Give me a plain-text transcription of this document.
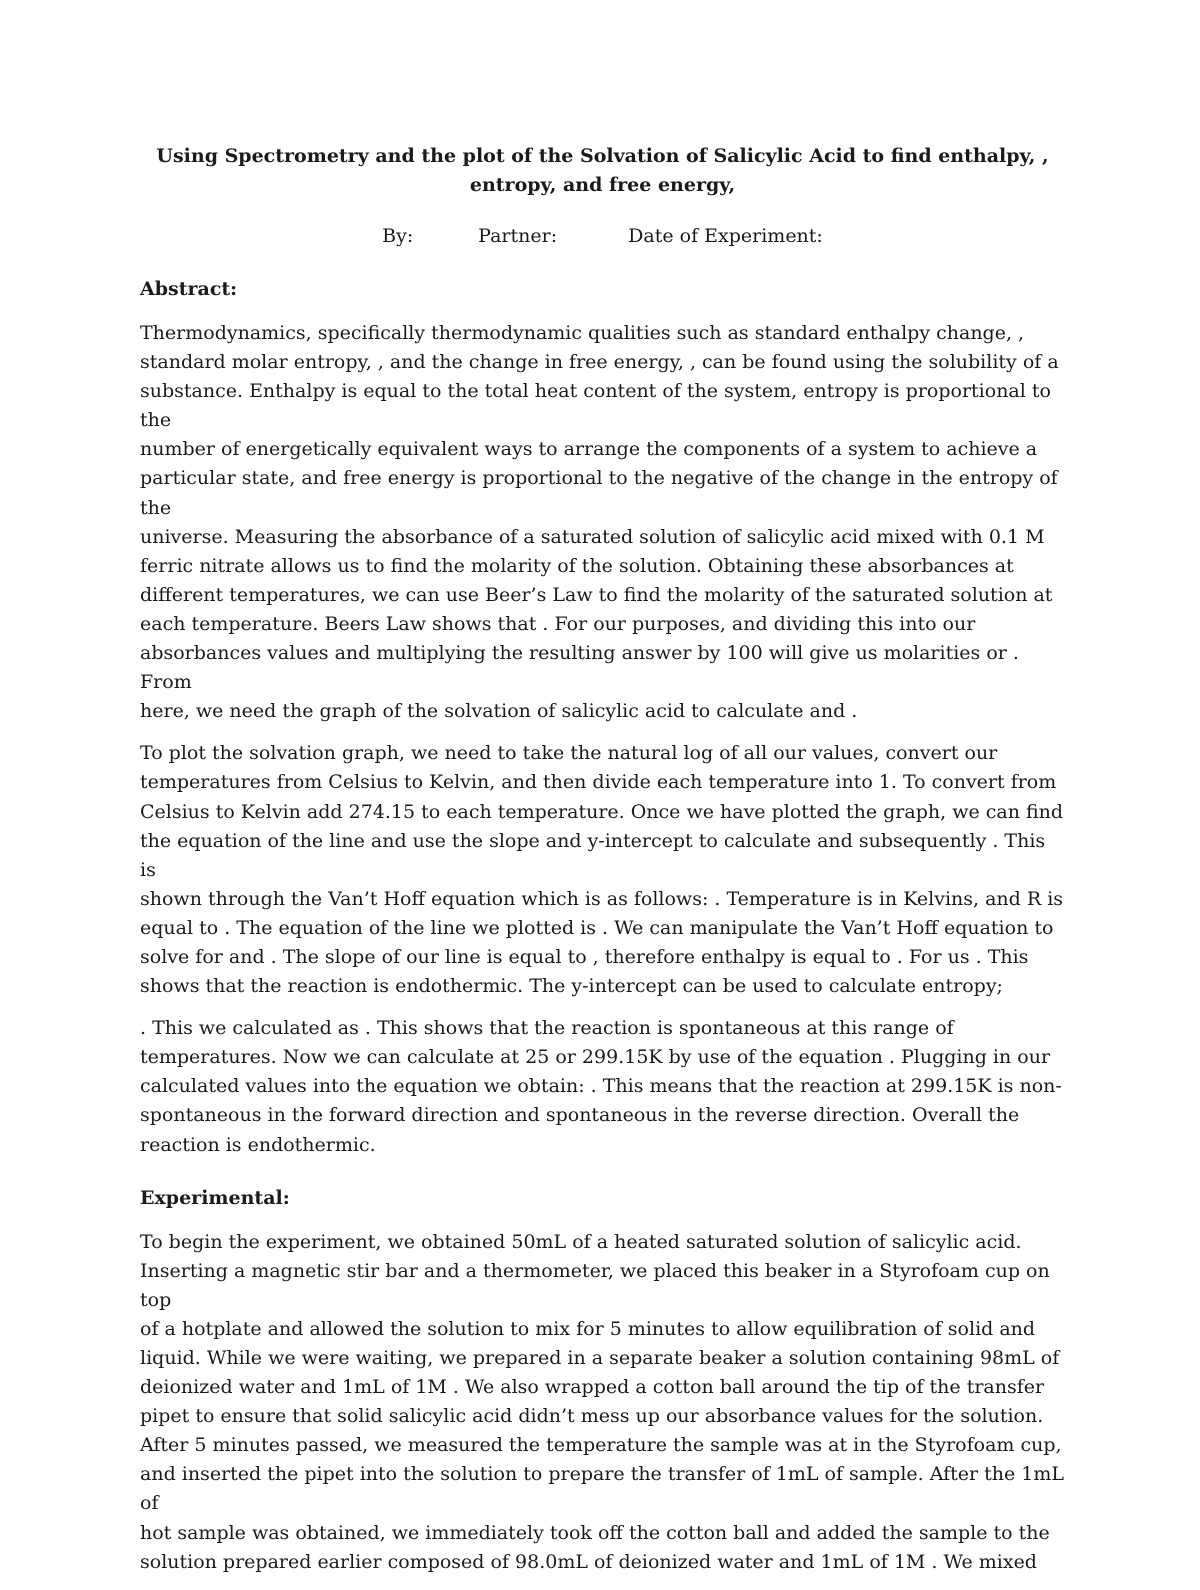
Using Spectrometry and the plot of the Solvation of Salicylic Acid to find enthalpy, ,
entropy, and free energy,

By:	Partner:	Date of Experiment:
Abstract:

Thermodynamics, specifically thermodynamic qualities such as standard enthalpy change, ,
standard molar entropy, , and the change in free energy, , can be found using the solubility of a
substance. Enthalpy is equal to the total heat content of the system, entropy is proportional to the
number of energetically equivalent ways to arrange the components of a system to achieve a
particular state, and free energy is proportional to the negative of the change in the entropy of the
universe. Measuring the absorbance of a saturated solution of salicylic acid mixed with 0.1 M
ferric nitrate allows us to find the molarity of the solution. Obtaining these absorbances at
different temperatures, we can use Beer’s Law to find the molarity of the saturated solution at
each temperature. Beers Law shows that . For our purposes, and dividing this into our
absorbances values and multiplying the resulting answer by 100 will give us molarities or . From
here, we need the graph of the solvation of salicylic acid to calculate and .

To plot the solvation graph, we need to take the natural log of all our values, convert our
temperatures from Celsius to Kelvin, and then divide each temperature into 1. To convert from
Celsius to Kelvin add 274.15 to each temperature. Once we have plotted the graph, we can find
the equation of the line and use the slope and y-intercept to calculate and subsequently . This is
shown through the Van’t Hoff equation which is as follows: . Temperature is in Kelvins, and R is
equal to . The equation of the line we plotted is . We can manipulate the Van’t Hoff equation to
solve for and . The slope of our line is equal to , therefore enthalpy is equal to . For us . This
shows that the reaction is endothermic. The y-intercept can be used to calculate entropy;

. This we calculated as . This shows that the reaction is spontaneous at this range of
temperatures. Now we can calculate at 25 or 299.15K by use of the equation . Plugging in our
calculated values into the equation we obtain: . This means that the reaction at 299.15K is non-
spontaneous in the forward direction and spontaneous in the reverse direction. Overall the
reaction is endothermic.

Experimental:

To begin the experiment, we obtained 50mL of a heated saturated solution of salicylic acid.
Inserting a magnetic stir bar and a thermometer, we placed this beaker in a Styrofoam cup on top
of a hotplate and allowed the solution to mix for 5 minutes to allow equilibration of solid and
liquid. While we were waiting, we prepared in a separate beaker a solution containing 98mL of
deionized water and 1mL of 1M . We also wrapped a cotton ball around the tip of the transfer
pipet to ensure that solid salicylic acid didn’t mess up our absorbance values for the solution.
After 5 minutes passed, we measured the temperature the sample was at in the Styrofoam cup,
and inserted the pipet into the solution to prepare the transfer of 1mL of sample. After the 1mL of
hot sample was obtained, we immediately took off the cotton ball and added the sample to the
solution prepared earlier composed of 98.0mL of deionized water and 1mL of 1M . We mixed
